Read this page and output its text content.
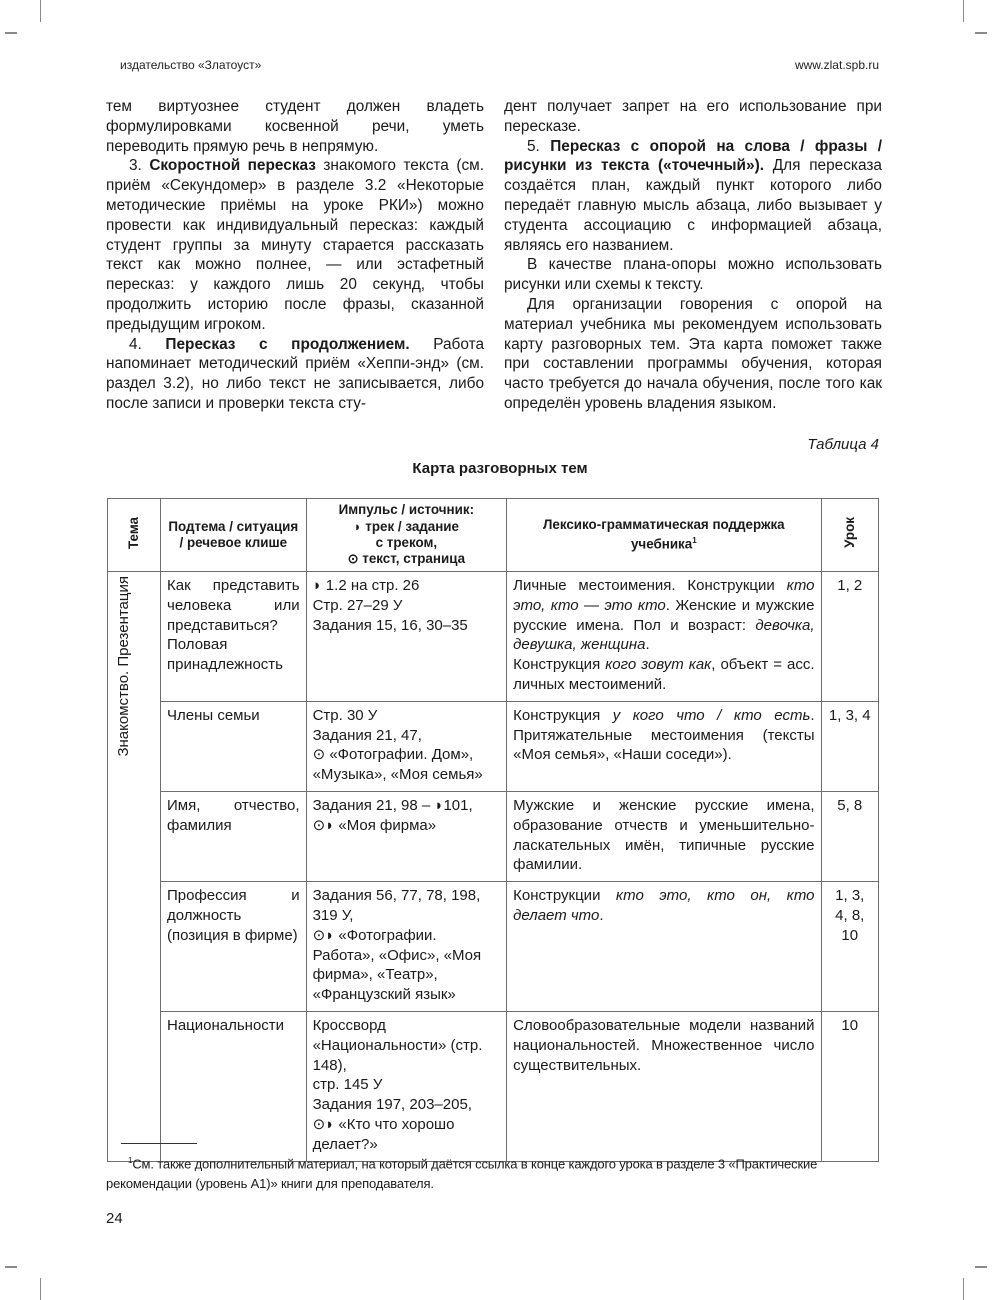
издательство «Златоуст»	www.zlat.spb.ru

тем виртуознее студент должен владеть формулировками косвенной речи, уметь переводить прямую речь в непрямую.

3. Скоростной пересказ знакомого текста (см. приём «Секундомер» в разделе 3.2 «Некоторые методические приёмы на уроке РКИ») можно провести как индивидуальный пересказ: каждый студент группы за минуту старается рассказать текст как можно полнее, — или эстафетный пересказ: у каждого лишь 20 секунд, чтобы продолжить историю после фразы, сказанной предыдущим игроком.

4. Пересказ с продолжением. Работа напоминает методический приём «Хеппи-энд» (см. раздел 3.2), но либо текст не записывается, либо после записи и проверки текста сту-

дент получает запрет на его использование при пересказе.

5. Пересказ с опорой на слова / фразы / рисунки из текста («точечный»). Для пересказа создаётся план, каждый пункт которого либо передаёт главную мысль абзаца, либо вызывает у студента ассоциацию с информацией абзаца, являясь его названием.

В качестве плана-опоры можно использовать рисунки или схемы к тексту.

Для организации говорения с опорой на материал учебника мы рекомендуем использовать карту разговорных тем. Эта карта поможет также при составлении программы обучения, которая часто требуется до начала обучения, после того как определён уровень владения языком.

Таблица 4
Карта разговорных тем
Тема	Подтема / ситуация / речевое клише	Импульс / источник:
◗ трек / задание
с треком,
⊙ текст, страница	Лексико-грамматическая поддержка учебника$^1$	Урок
Знакомство. Презентация	Как представить человека или представиться? Половая принадлежность	◗ 1.2 на стр. 26
Стр. 27–29 У
Задания 15, 16, 30–35	Личные местоимения. Конструкции кто это, кто — это кто. Женские и мужские русские имена. Пол и возраст: девочка, девушка, женщина.
Конструкция кого зовут как, объект = асс. личных местоимений.	1, 2
	Члены семьи	Стр. 30 У
Задания 21, 47,
⊙ «Фотографии. Дом», «Музыка», «Моя семья»	Конструкция у кого что / кто есть. Притяжательные местоимения (тексты «Моя семья», «Наши соседи»).	1, 3, 4
	Имя, отчество, фамилия	Задания 21, 98 – ◗101,
⊙◗ «Моя фирма»	Мужские и женские русские имена, образование отчеств и уменьшительно-ласкательных имён, типичные русские фамилии.	5, 8
	Профессия и должность (позиция в фирме)	Задания 56, 77, 78, 198, 319 У,
⊙◗ «Фотографии. Работа», «Офис», «Моя фирма», «Театр», «Французский язык»	Конструкции кто это, кто он, кто делает что.	1, 3, 4, 8, 10
	Национальности	Кроссворд «Национальности» (стр. 148),
стр. 145 У
Задания 197, 203–205,
⊙◗ «Кто что хорошо делает?»	Словообразовательные модели названий национальностей. Множественное число существительных.	10
$^1$См. также дополнительный материал, на который даётся ссылка в конце каждого урока в разделе 3 «Практические рекомендации (уровень А1)» книги для преподавателя.
24
